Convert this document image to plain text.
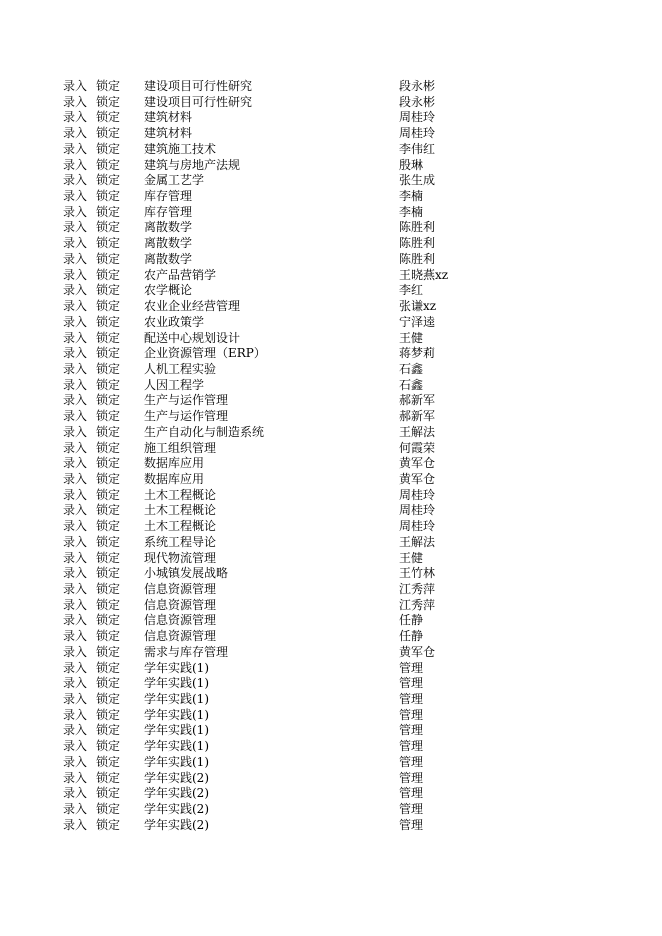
录入 锁定 建设项目可行性研究	段永彬
录入 锁定 建设项目可行性研究	段永彬
录入 锁定 建筑材料	周桂玲
录入 锁定 建筑材料	周桂玲
录入 锁定 建筑施工技术	李伟红
录入 锁定 建筑与房地产法规	殷琳
录入 锁定 金属工艺学	张生成
录入 锁定 库存管理	李楠
录入 锁定 库存管理	李楠
录入 锁定 离散数学	陈胜利
录入 锁定 离散数学	陈胜利
录入 锁定 离散数学	陈胜利
录入 锁定 农产品营销学	王晓燕xz
录入 锁定 农学概论	李红
录入 锁定 农业企业经营管理	张谦xz
录入 锁定 农业政策学	宁泽逵
录入 锁定 配送中心规划设计	王健
录入 锁定 企业资源管理（ERP）	蒋梦莉
录入 锁定 人机工程实验	石鑫
录入 锁定 人因工程学	石鑫
录入 锁定 生产与运作管理	郝新军
录入 锁定 生产与运作管理	郝新军
录入 锁定 生产自动化与制造系统	王解法
录入 锁定 施工组织管理	何霞荣
录入 锁定 数据库应用	黄军仓
录入 锁定 数据库应用	黄军仓
录入 锁定 土木工程概论	周桂玲
录入 锁定 土木工程概论	周桂玲
录入 锁定 土木工程概论	周桂玲
录入 锁定 系统工程导论	王解法
录入 锁定 现代物流管理	王健
录入 锁定 小城镇发展战略	王竹林
录入 锁定 信息资源管理	江秀萍
录入 锁定 信息资源管理	江秀萍
录入 锁定 信息资源管理	任静
录入 锁定 信息资源管理	任静
录入 锁定 需求与库存管理	黄军仓
录入 锁定 学年实践(1)	管理
录入 锁定 学年实践(1)	管理
录入 锁定 学年实践(1)	管理
录入 锁定 学年实践(1)	管理
录入 锁定 学年实践(1)	管理
录入 锁定 学年实践(1)	管理
录入 锁定 学年实践(1)	管理
录入 锁定 学年实践(2)	管理
录入 锁定 学年实践(2)	管理
录入 锁定 学年实践(2)	管理
录入 锁定 学年实践(2)	管理
